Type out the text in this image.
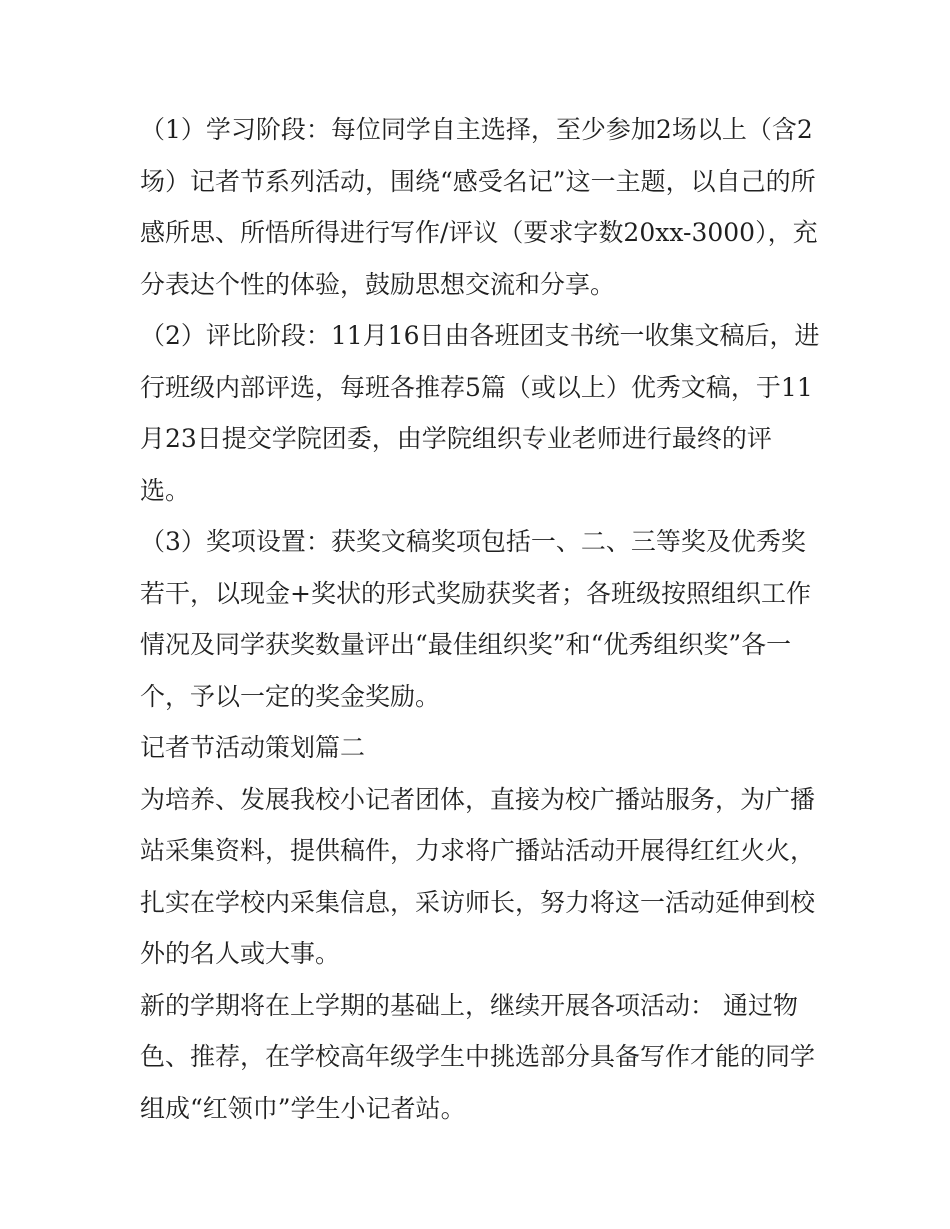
（1）学习阶段：每位同学自主选择，至少参加2场以上（含2
场）记者节系列活动，围绕“感受名记”这一主题，以自己的所
感所思、所悟所得进行写作/评议（要求字数20xx-3000），充
分表达个性的体验，鼓励思想交流和分享。
（2）评比阶段：11月16日由各班团支书统一收集文稿后，进
行班级内部评选，每班各推荐5篇（或以上）优秀文稿，于11
月23日提交学院团委，由学院组织专业老师进行最终的评
选。
（3）奖项设置：获奖文稿奖项包括一、二、三等奖及优秀奖
若干，以现金+奖状的形式奖励获奖者；各班级按照组织工作
情况及同学获奖数量评出“最佳组织奖”和“优秀组织奖”各一
个，予以一定的奖金奖励。
记者节活动策划篇二
为培养、发展我校小记者团体，直接为校广播站服务，为广播
站采集资料，提供稿件，力求将广播站活动开展得红红火火，
扎实在学校内采集信息，采访师长，努力将这一活动延伸到校
外的名人或大事。
新的学期将在上学期的基础上，继续开展各项活动： 通过物
色、推荐，在学校高年级学生中挑选部分具备写作才能的同学
组成“红领巾”学生小记者站。
